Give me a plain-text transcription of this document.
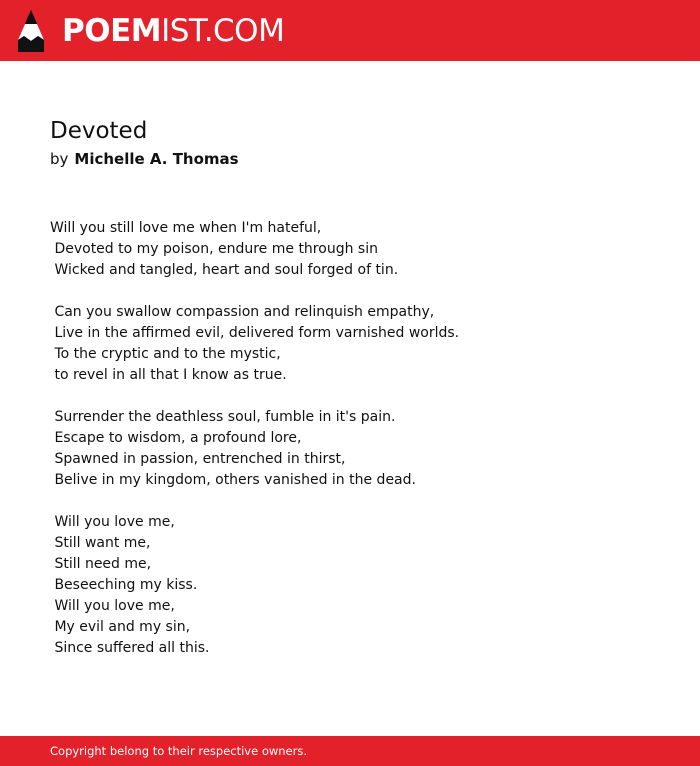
POEMIST.COM
Devoted
by Michelle A. Thomas
Will you still love me when I'm hateful,
Devoted to my poison, endure me through sin
Wicked and tangled, heart and soul forged of tin.
Can you swallow compassion and relinquish empathy,
Live in the affirmed evil, delivered form varnished worlds.
To the cryptic and to the mystic,
to revel in all that I know as true.
Surrender the deathless soul, fumble in it's pain.
Escape to wisdom, a profound lore,
Spawned in passion, entrenched in thirst,
Belive in my kingdom, others vanished in the dead.
Will you love me,
Still want me,
Still need me,
Beseeching my kiss.
Will you love me,
My evil and my sin,
Since suffered all this.
Copyright belong to their respective owners.
